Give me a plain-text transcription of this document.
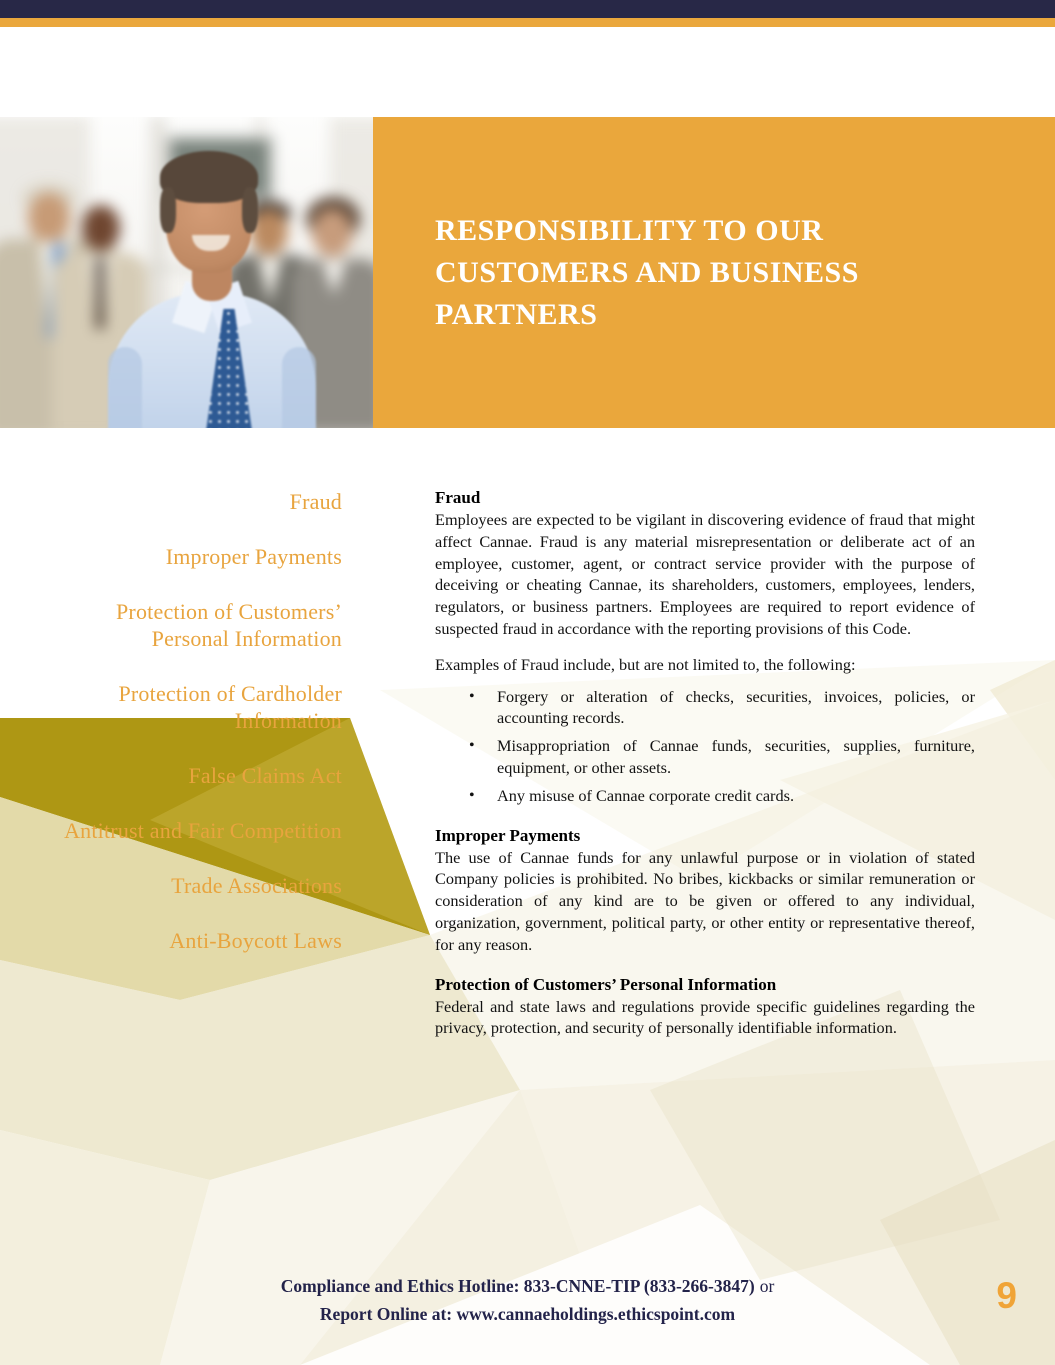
RESPONSIBILITY TO OUR CUSTOMERS AND BUSINESS PARTNERS
Fraud
Improper Payments
Protection of Customers’ Personal Information
Protection of Cardholder Information
False Claims Act
Antitrust and Fair Competition
Trade Associations
Anti-Boycott Laws
Fraud

Employees are expected to be vigilant in discovering evidence of fraud that might affect Cannae. Fraud is any material misrepresentation or deliberate act of an employee, customer, agent, or contract service provider with the purpose of deceiving or cheating Cannae, its shareholders, customers, employees, lenders, regulators, or business partners. Employees are required to report evidence of suspected fraud in accordance with the reporting provisions of this Code.

Examples of Fraud include, but are not limited to, the following:

• Forgery or alteration of checks, securities, invoices, policies, or accounting records.
• Misappropriation of Cannae funds, securities, supplies, furniture, equipment, or other assets.
• Any misuse of Cannae corporate credit cards.
Improper Payments

The use of Cannae funds for any unlawful purpose or in violation of stated Company policies is prohibited. No bribes, kickbacks or similar remuneration or consideration of any kind are to be given or offered to any individual, organization, government, political party, or other entity or representative thereof, for any reason.

Protection of Customers’ Personal Information

Federal and state laws and regulations provide specific guidelines regarding the privacy, protection, and security of personally identifiable information.

Compliance and Ethics Hotline: 833-CNNE-TIP (833-266-3847) or
Report Online at: www.cannaeholdings.ethicspoint.com	9
